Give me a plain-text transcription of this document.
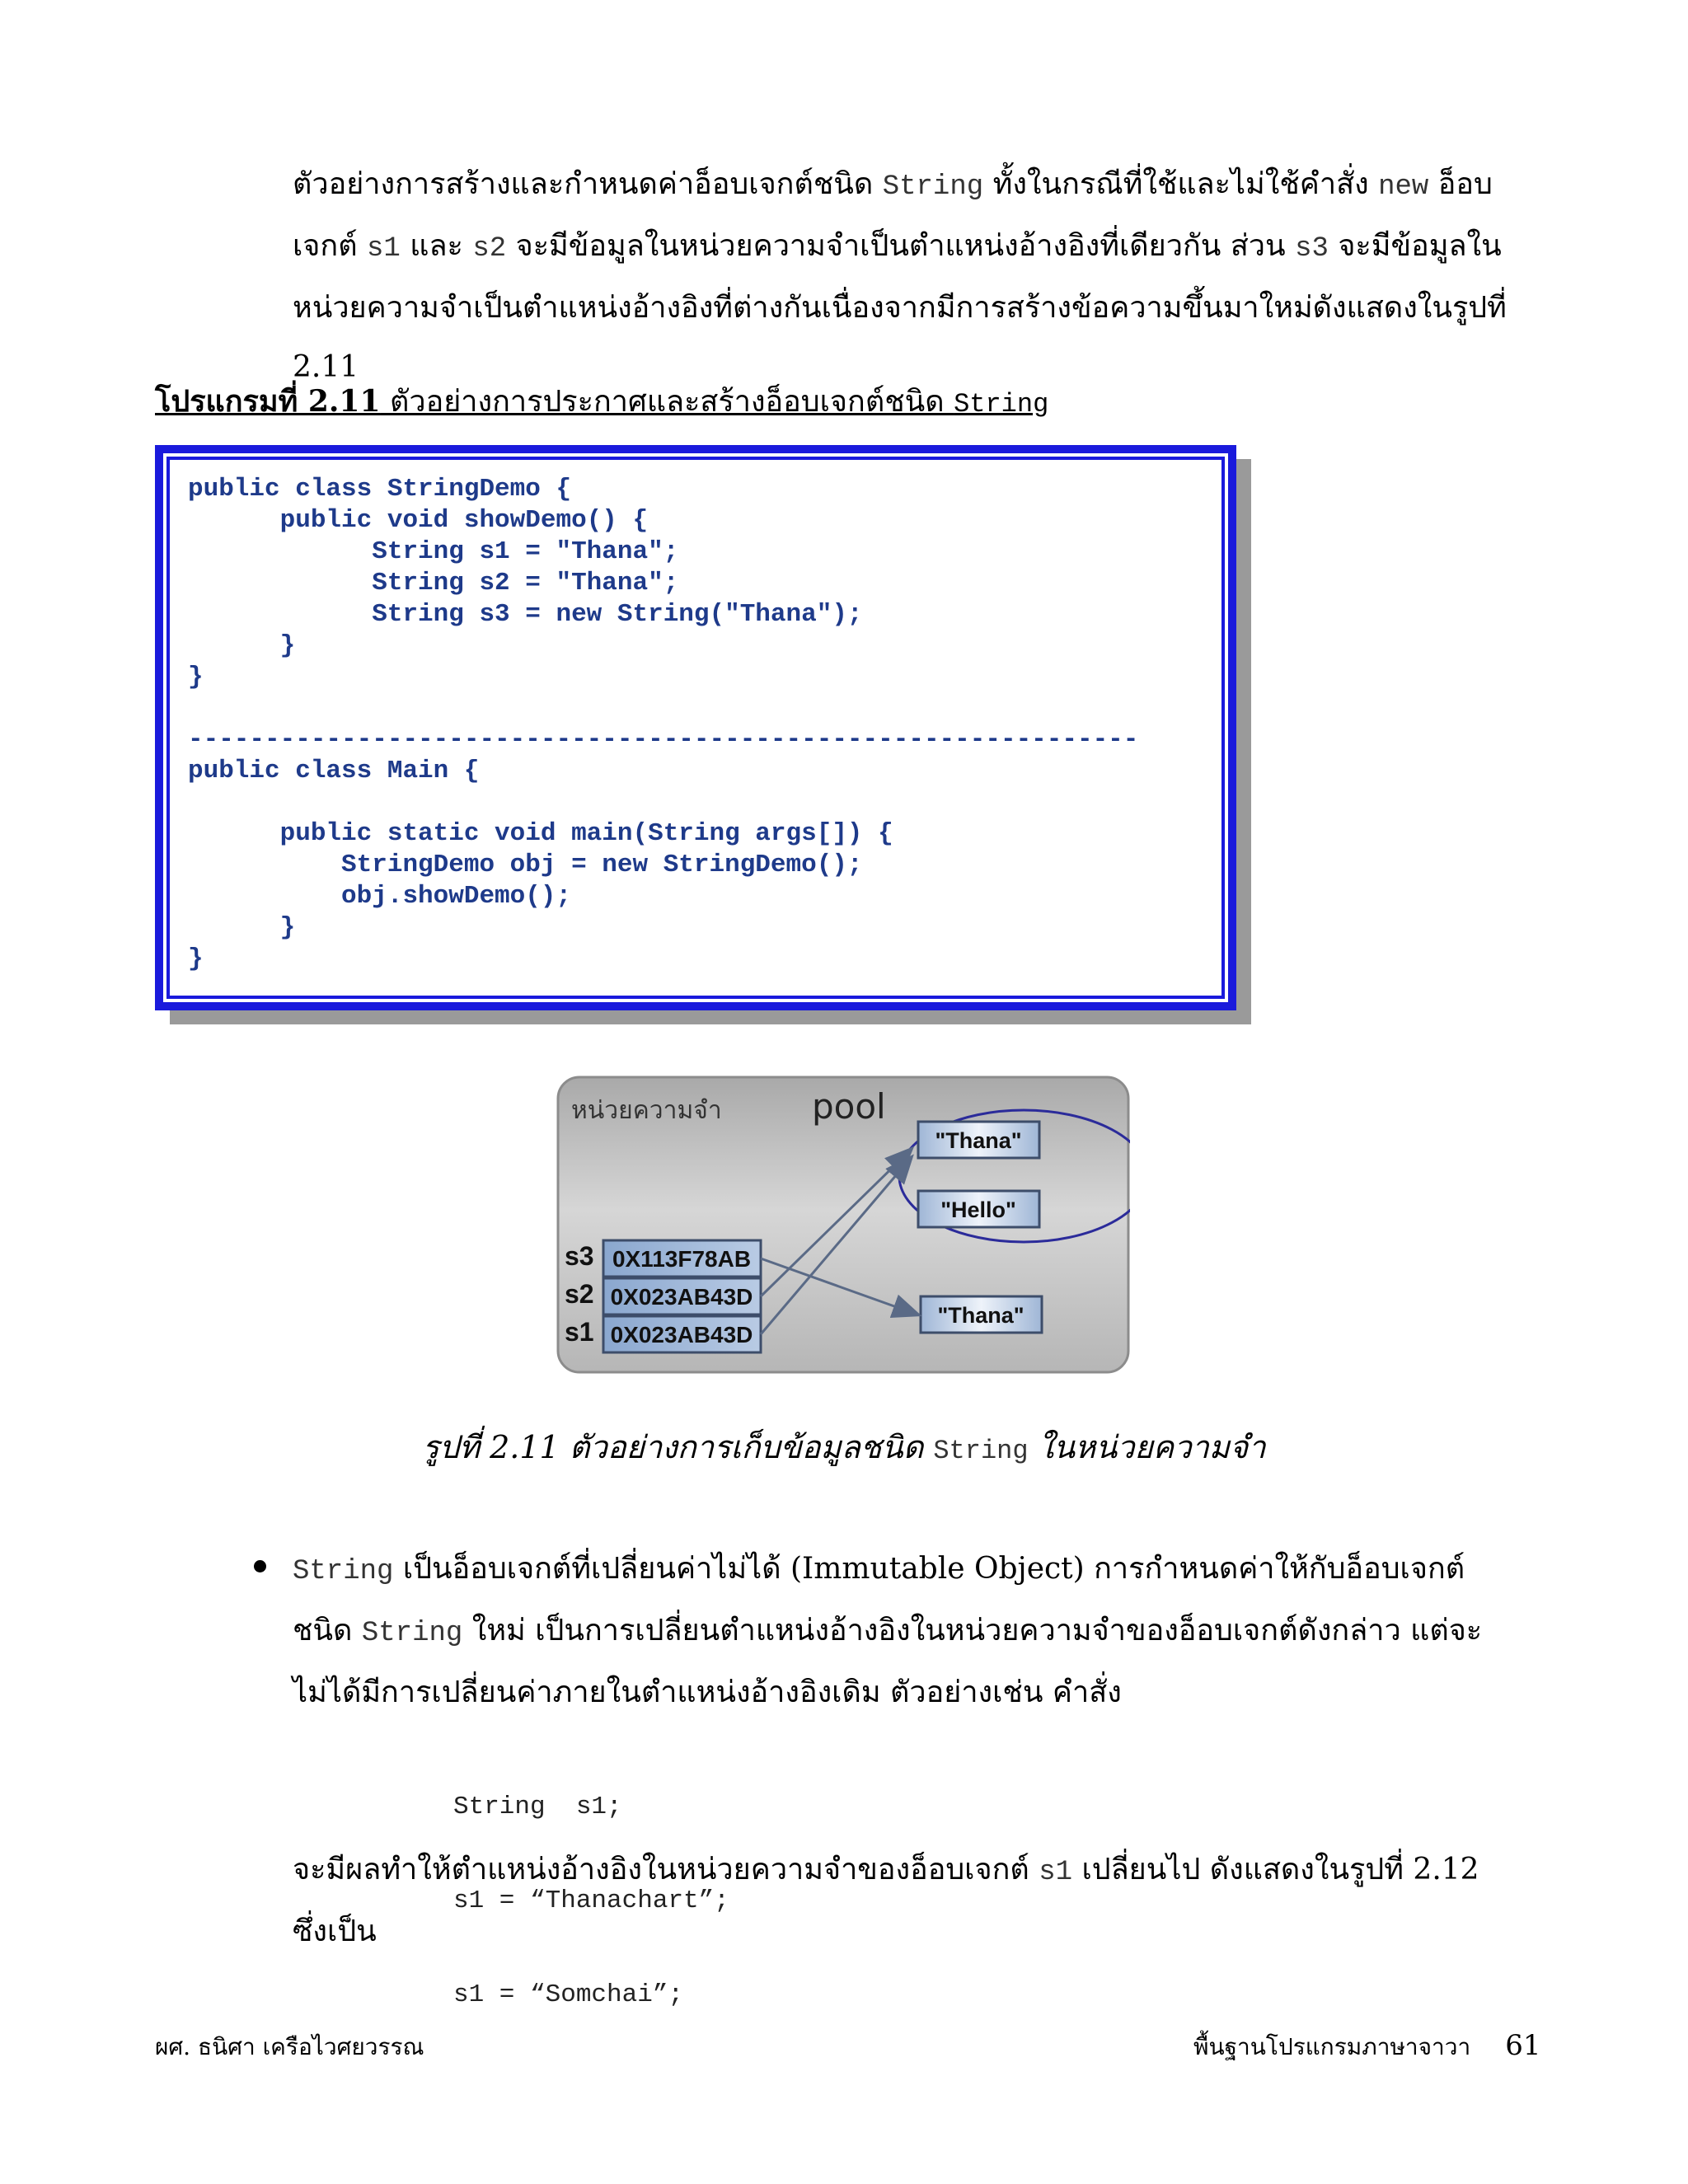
ตัวอย่างการสร้างและกำหนดค่าอ็อบเจกต์ชนิด String ทั้งในกรณีที่ใช้และไม่ใช้คำสั่ง new อ็อบเจกต์ s1 และ s2 จะมีข้อมูลในหน่วยความจำเป็นตำแหน่งอ้างอิงที่เดียวกัน ส่วน s3 จะมีข้อมูลในหน่วยความจำเป็นตำแหน่งอ้างอิงที่ต่างกันเนื่องจากมีการสร้างข้อความขึ้นมาใหม่ดังแสดงในรูปที่ 2.11

โปรแกรมที่ 2.11 ตัวอย่างการประกาศและสร้างอ็อบเจกต์ชนิด String
public class StringDemo {
public void showDemo() {
String s1 = "Thana";
String s2 = "Thana";
String s3 = new String("Thana");
}
}
--------------------------------------------------------------
public class Main {
public static void main(String args[]) {
StringDemo obj = new StringDemo();
obj.showDemo();
}
}
หน่วยความจำ	pool
"Thana"
"Hello"
"Thana"
s3 0X113F78AB
s2 0X023AB43D
s1 0X023AB43D
รูปที่ 2.11 ตัวอย่างการเก็บข้อมูลชนิด String ในหน่วยความจำ

String เป็นอ็อบเจกต์ที่เปลี่ยนค่าไม่ได้ (Immutable Object) การกำหนดค่าให้กับอ็อบเจกต์ชนิด String ใหม่ เป็นการเปลี่ยนตำแหน่งอ้างอิงในหน่วยความจำของอ็อบเจกต์ดังกล่าว แต่จะไม่ได้มีการเปลี่ยนค่าภายในตำแหน่งอ้างอิงเดิม ตัวอย่างเช่น คำสั่ง

String  s1;

s1 = “Thanachart”;

s1 = “Somchai”;

จะมีผลทำให้ตำแหน่งอ้างอิงในหน่วยความจำของอ็อบเจกต์ s1 เปลี่ยนไป ดังแสดงในรูปที่ 2.12 ซึ่งเป็น

ผศ. ธนิศา เครือไวศยวรรณ	พื้นฐานโปรแกรมภาษาจาวา 61
